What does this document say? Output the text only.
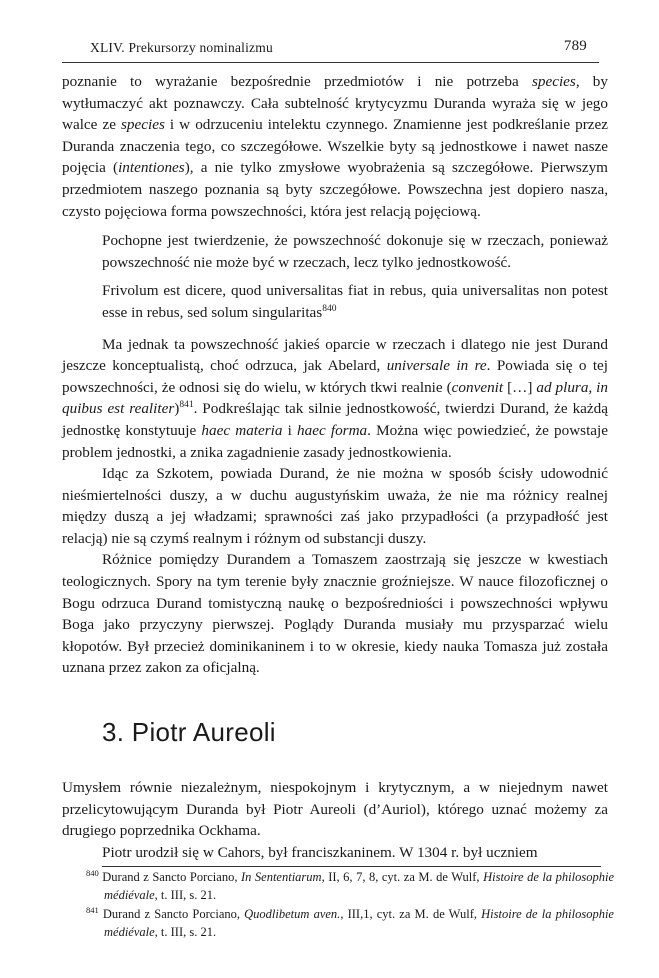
XLIV. Prekursorzy nominalizmu	789

poznanie to wyrażanie bezpośrednie przedmiotów i nie potrzeba species, by wytłumaczyć akt poznawczy. Cała subtelność krytycyzmu Duranda wyraża się w jego walce ze species i w odrzuceniu intelektu czynnego. Znamienne jest podkreślanie przez Duranda znaczenia tego, co szczegółowe. Wszelkie byty są jednostkowe i nawet nasze pojęcia (intentiones), a nie tylko zmysłowe wyobrażenia są szczegółowe. Pierwszym przedmiotem naszego poznania są byty szczegółowe. Powszechna jest dopiero nasza, czysto pojęciowa forma powszechności, która jest relacją pojęciową.

Pochopne jest twierdzenie, że powszechność dokonuje się w rzeczach, ponieważ powszechność nie może być w rzeczach, lecz tylko jednostkowość.

Frivolum est dicere, quod universalitas fiat in rebus, quia universalitas non potest esse in rebus, sed solum singularitas$^{840}$

Ma jednak ta powszechność jakieś oparcie w rzeczach i dlatego nie jest Durand jeszcze konceptualistą, choć odrzuca, jak Abelard, universale in re. Powiada się o tej powszechności, że odnosi się do wielu, w których tkwi realnie (convenit […] ad plura, in quibus est realiter)$^{841}$. Podkreślając tak silnie jednostkowość, twierdzi Durand, że każdą jednostkę konstytuuje haec materia i haec forma. Można więc powiedzieć, że powstaje problem jednostki, a znika zagadnienie zasady jednostkowienia.

Idąc za Szkotem, powiada Durand, że nie można w sposób ścisły udowodnić nieśmiertelności duszy, a w duchu augustyńskim uważa, że nie ma różnicy realnej między duszą a jej władzami; sprawności zaś jako przypadłości (a przypadłość jest relacją) nie są czymś realnym i różnym od substancji duszy.

Różnice pomiędzy Durandem a Tomaszem zaostrzają się jeszcze w kwestiach teologicznych. Spory na tym terenie były znacznie groźniejsze. W nauce filozoficznej o Bogu odrzuca Durand tomistyczną naukę o bezpośredniości i powszechności wpływu Boga jako przyczyny pierwszej. Poglądy Duranda musiały mu przysparzać wielu kłopotów. Był przecież dominikaninem i to w okresie, kiedy nauka Tomasza już została uznana przez zakon za oficjalną.

3. Piotr Aureoli

Umysłem równie niezależnym, niespokojnym i krytycznym, a w niejednym nawet przelicytowującym Duranda był Piotr Aureoli (d’Auriol), którego uznać możemy za drugiego poprzednika Ockhama.

Piotr urodził się w Cahors, był franciszkaninem. W 1304 r. był uczniem

$^{840}$ Durand z Sancto Porciano, In Sententiarum, II, 6, 7, 8, cyt. za M. de Wulf, Histoire de la philosophie médiévale, t. III, s. 21.

$^{841}$ Durand z Sancto Porciano, Quodlibetum aven., III,1, cyt. za M. de Wulf, Histoire de la philosophie médiévale, t. III, s. 21.
